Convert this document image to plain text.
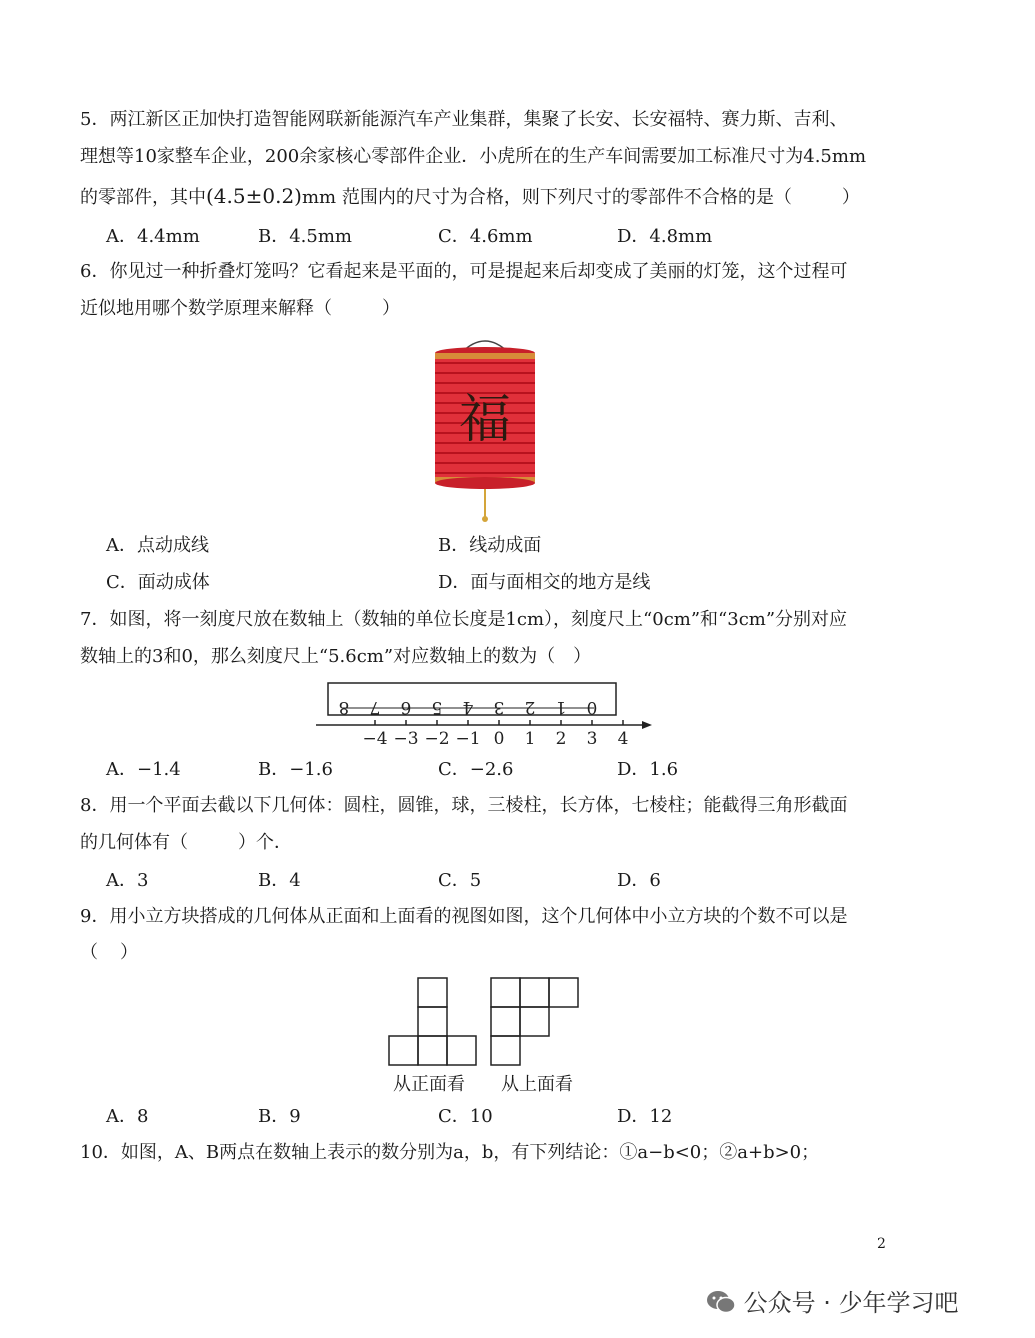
5．两江新区正加快打造智能网联新能源汽车产业集群，集聚了长安、长安福特、赛力斯、吉利、
理想等10家整车企业，200余家核心零部件企业．小虎所在的生产车间需要加工标准尺寸为4.5mm
的零部件，其中(4.5±0.2)mm 范围内的尺寸为合格，则下列尺寸的零部件不合格的是（	）
A．4.4mm	B．4.5mm	C．4.6mm	D．4.8mm
6．你见过一种折叠灯笼吗？它看起来是平面的，可是提起来后却变成了美丽的灯笼，这个过程可
近似地用哪个数学原理来解释（	）
福
A．点动成线	B．线动成面
C．面动成体	D．面与面相交的地方是线
7．如图，将一刻度尺放在数轴上（数轴的单位长度是1cm），刻度尺上“0cm”和“3cm”分别对应
数轴上的3和0，那么刻度尺上“5.6cm”对应数轴上的数为（　）
8 7 6 5 4 3 2 1 0
−4 −3 −2 −1 0 1 2 3 4
A．−1.4	B．−1.6	C．−2.6	D．1.6
8．用一个平面去截以下几何体：圆柱，圆锥，球，三棱柱，长方体，七棱柱；能截得三角形截面
的几何体有（	）个．
A．3	B．4	C．5	D．6
9．用小立方块搭成的几何体从正面和上面看的视图如图，这个几何体中小立方块的个数不可以是
（ ）
从正面看 从上面看
A．8	B．9	C．10	D．12
10．如图，A、B两点在数轴上表示的数分别为a，b，有下列结论：①a−b<0；②a+b>0；
2
公众号 · 少年学习吧
